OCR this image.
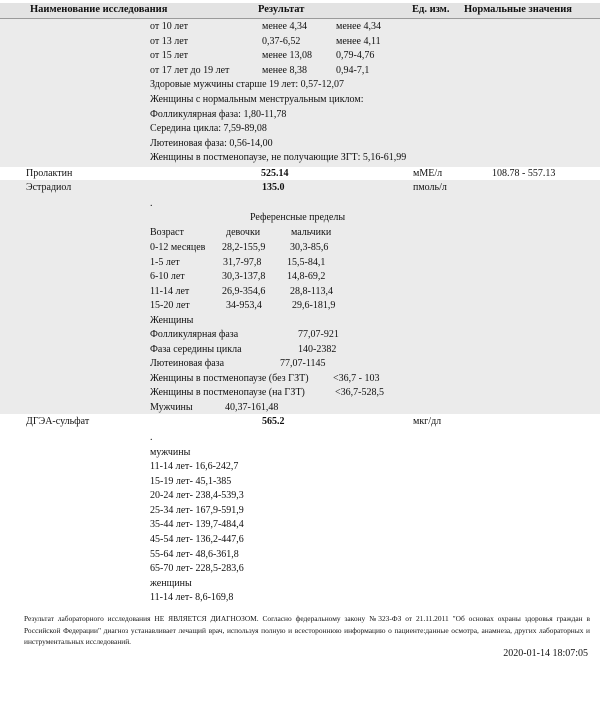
Наименование исследования	Результат	Ед. изм. Нормальные значения
от 10 лет	менее 4,34	менее 4,34
от 13 лет	0,37-6,52	менее 4,11
от 15 лет	менее 13,08 0,79-4,76
от 17 лет до 19 лет	менее 8,38	0,94-7,1
Здоровые мужчины старше 19 лет: 0,57-12,07
Женщины с нормальным менструальным циклом:
Фолликулярная фаза: 1,80-11,78
Середина цикла: 7,59-89,08
Лютеиновая фаза: 0,56-14,00
Женщины в постменопаузе, не получающие ЗГТ: 5,16-61,99
Пролактин	525.14	мМЕ/л	108.78 - 557.13
Эстрадиол	135.0	пмоль/л
.
Референсные пределы
Возраст	девочки	мальчики
0-12 месяцев 28,2-155,9 30,3-85,6
1-5 лет	31,7-97,8	15,5-84,1
6-10 лет	30,3-137,8 14,8-69,2
11-14 лет	26,9-354,6 28,8-113,4
15-20 лет	34-953,4	29,6-181,9
Женщины
Фолликулярная фаза	77,07-921
Фаза середины цикла	140-2382
Лютеиновая фаза	77,07-1145
Женщины в постменопаузе (без ГЗТ) <36,7 - 103
Женщины в постменопаузе (на ГЗТ)	<36,7-528,5
Мужчины	40,37-161,48
ДГЭА-сульфат	565.2	мкг/дл
.
мужчины
11-14 лет- 16,6-242,7
15-19 лет- 45,1-385
20-24 лет- 238,4-539,3
25-34 лет- 167,9-591,9
35-44 лет- 139,7-484,4
45-54 лет- 136,2-447,6
55-64 лет- 48,6-361,8
65-70 лет- 228,5-283,6
женщины
11-14 лет- 8,6-169,8
Результат лабораторного исследования НЕ ЯВЛЯЕТСЯ ДИАГНОЗОМ. Согласно федеральному закону №323-ФЗ от 21.11.2011 "Об основах охраны здоровья граждан в Российской Федерации" диагноз устанавливает лечащий врач, используя полную и всестороннюю информацию о пациенте:данные осмотра, анамнеза, других лабораторных и инструментальных исследований.
2020-01-14 18:07:05
